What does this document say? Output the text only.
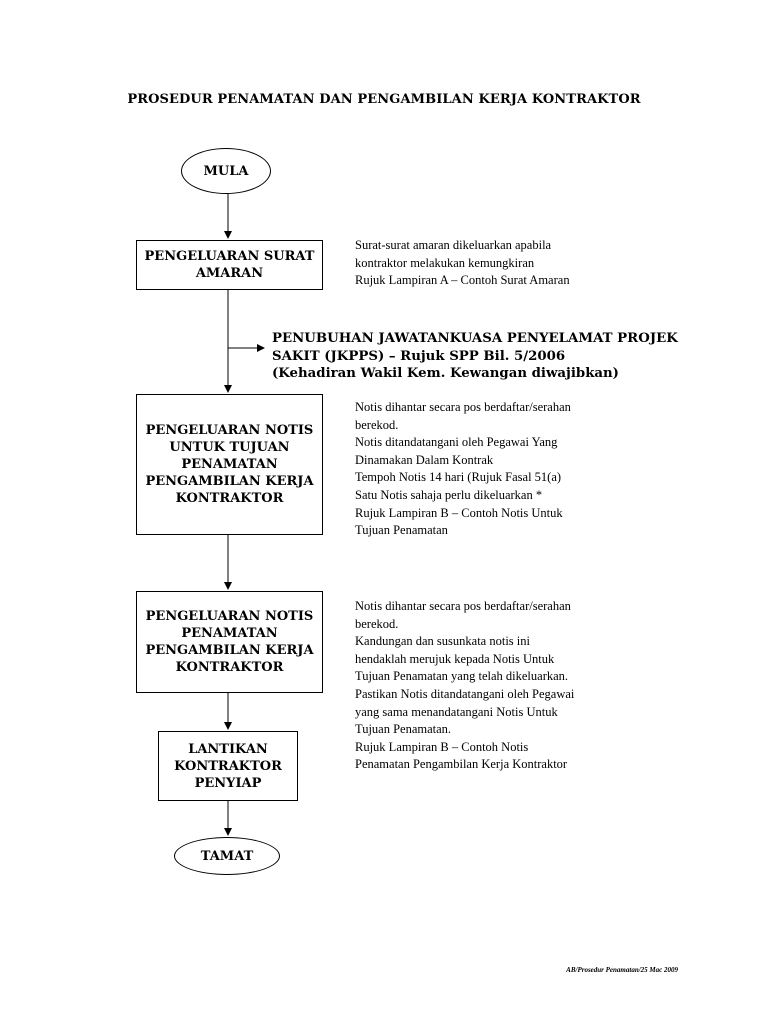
PROSEDUR PENAMATAN DAN PENGAMBILAN KERJA KONTRAKTOR
MULA
PENGELUARAN SURAT
AMARAN
Surat-surat amaran dikeluarkan apabila
kontraktor melakukan kemungkiran
Rujuk Lampiran A – Contoh Surat Amaran
PENUBUHAN JAWATANKUASA PENYELAMAT PROJEK
SAKIT (JKPPS) – Rujuk SPP Bil. 5/2006
(Kehadiran Wakil Kem. Kewangan diwajibkan)
PENGELUARAN NOTIS
UNTUK TUJUAN
PENAMATAN
PENGAMBILAN KERJA
KONTRAKTOR
Notis dihantar secara pos berdaftar/serahan
berekod.
Notis ditandatangani oleh Pegawai Yang
Dinamakan Dalam Kontrak
Tempoh Notis 14 hari (Rujuk Fasal 51(a)
Satu Notis sahaja perlu dikeluarkan *
Rujuk Lampiran B – Contoh Notis Untuk
Tujuan Penamatan
PENGELUARAN NOTIS
PENAMATAN
PENGAMBILAN KERJA
KONTRAKTOR
Notis dihantar secara pos berdaftar/serahan
berekod.
Kandungan dan susunkata notis ini
hendaklah merujuk kepada Notis Untuk
Tujuan Penamatan yang telah dikeluarkan.
Pastikan Notis ditandatangani oleh Pegawai
yang sama menandatangani Notis Untuk
Tujuan Penamatan.
Rujuk Lampiran B – Contoh Notis
Penamatan Pengambilan Kerja Kontraktor
LANTIKAN
KONTRAKTOR
PENYIAP
TAMAT
AB/Prosedur Penamatan/25 Mac 2009
